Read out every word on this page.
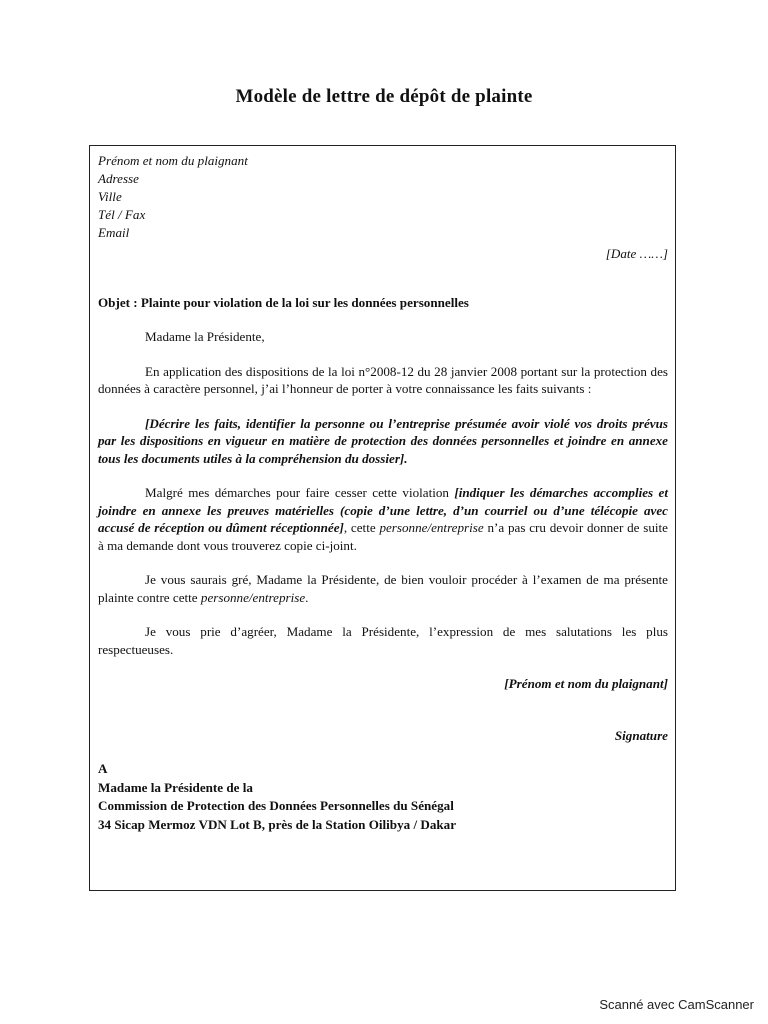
Modèle de lettre de dépôt de plainte
Prénom et nom du plaignant
Adresse
Ville
Tél / Fax
Email
[Date ……]
Objet : Plainte pour violation de la loi sur les données personnelles
Madame la Présidente,
En application des dispositions de la loi n°2008-12 du 28 janvier 2008 portant sur la protection des données à caractère personnel, j’ai l’honneur de porter à votre connaissance les faits suivants :
[Décrire les faits, identifier la personne ou l’entreprise présumée avoir violé vos droits prévus par les dispositions en vigueur en matière de protection des données personnelles et joindre en annexe tous les documents utiles à la compréhension du dossier].
Malgré mes démarches pour faire cesser cette violation [indiquer les démarches accomplies et joindre en annexe les preuves matérielles (copie d’une lettre, d’un courriel ou d’une télécopie avec accusé de réception ou dûment réceptionnée], cette personne/entreprise n’a pas cru devoir donner de suite à ma demande dont vous trouverez copie ci-joint.
Je vous saurais gré, Madame la Présidente, de bien vouloir procéder à l’examen de ma présente plainte contre cette personne/entreprise.
Je vous prie d’agréer, Madame la Présidente, l’expression de mes salutations les plus respectueuses.
[Prénom et nom du plaignant]
Signature
A
Madame la Présidente de la
Commission de Protection des Données Personnelles du Sénégal
34 Sicap Mermoz VDN Lot B, près de la Station Oilibya / Dakar
Scanné avec CamScanner
